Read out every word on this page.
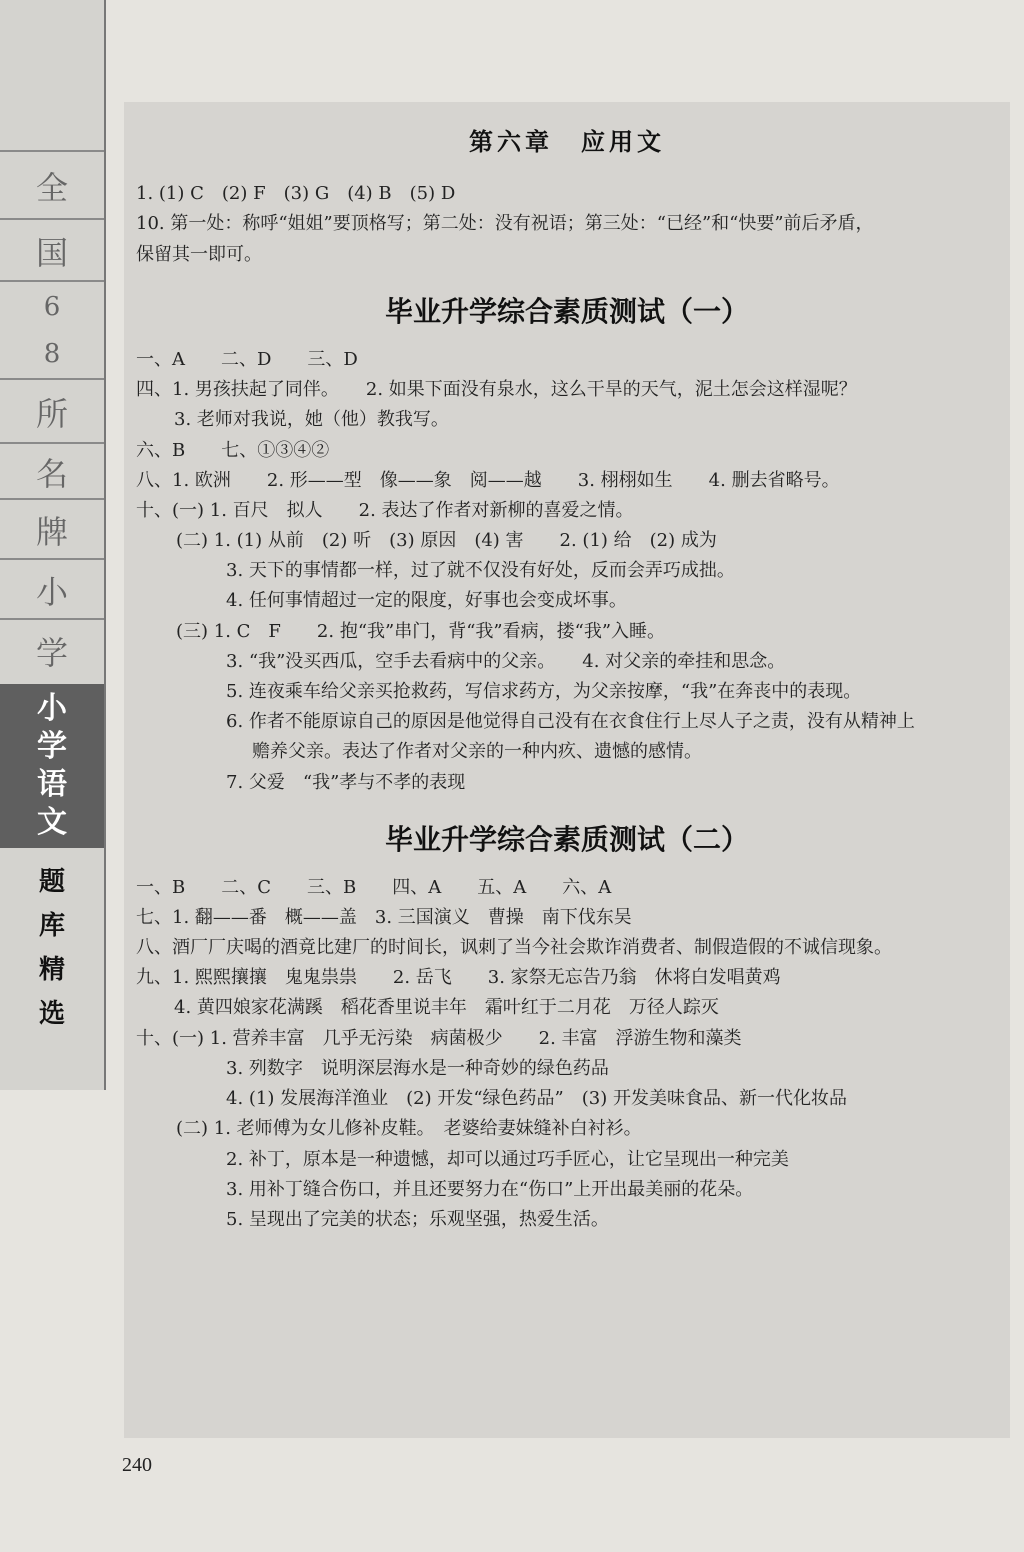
全
国
6
8
所
名
牌
小
学
小
学
语
文
题
库
精
选
第六章　应用文
1. (1) C　(2) F　(3) G　(4) B　(5) D
10. 第一处：称呼“姐姐”要顶格写；第二处：没有祝语；第三处：“已经”和“快要”前后矛盾，
保留其一即可。
毕业升学综合素质测试（一）
一、A　　二、D　　三、D
四、1. 男孩扶起了同伴。　　2. 如果下面没有泉水，这么干旱的天气，泥土怎会这样湿呢？
3. 老师对我说，她（他）教我写。
六、B　　七、①③④②
八、1. 欧洲　　2. 形——型　像——象　阅——越　　3. 栩栩如生　　4. 删去省略号。
十、(一) 1. 百尺　拟人　　2. 表达了作者对新柳的喜爱之情。
(二) 1. (1) 从前　(2) 听　(3) 原因　(4) 害　　2. (1) 给　(2) 成为
3. 天下的事情都一样，过了就不仅没有好处，反而会弄巧成拙。
4. 任何事情超过一定的限度，好事也会变成坏事。
(三) 1. C　F　　2. 抱“我”串门，背“我”看病，搂“我”入睡。
3. “我”没买西瓜，空手去看病中的父亲。　　4. 对父亲的牵挂和思念。
5. 连夜乘车给父亲买抢救药，写信求药方，为父亲按摩，“我”在奔丧中的表现。
6. 作者不能原谅自己的原因是他觉得自己没有在衣食住行上尽人子之责，没有从精神上
赡养父亲。表达了作者对父亲的一种内疚、遗憾的感情。
7. 父爱　“我”孝与不孝的表现
毕业升学综合素质测试（二）
一、B　　二、C　　三、B　　四、A　　五、A　　六、A
七、1. 翻——番　概——盖　3. 三国演义　曹操　南下伐东吴
八、酒厂厂庆喝的酒竟比建厂的时间长，讽刺了当今社会欺诈消费者、制假造假的不诚信现象。
九、1. 熙熙攘攘　鬼鬼祟祟　　2. 岳飞　　3. 家祭无忘告乃翁　休将白发唱黄鸡
4. 黄四娘家花满蹊　稻花香里说丰年　霜叶红于二月花　万径人踪灭
十、(一) 1. 营养丰富　几乎无污染　病菌极少　　2. 丰富　浮游生物和藻类
3. 列数字　说明深层海水是一种奇妙的绿色药品
4. (1) 发展海洋渔业　(2) 开发“绿色药品”　(3) 开发美味食品、新一代化妆品
(二) 1. 老师傅为女儿修补皮鞋。　老婆给妻妹缝补白衬衫。
2. 补丁，原本是一种遗憾，却可以通过巧手匠心，让它呈现出一种完美
3. 用补丁缝合伤口，并且还要努力在“伤口”上开出最美丽的花朵。
5. 呈现出了完美的状态；乐观坚强，热爱生活。
240
